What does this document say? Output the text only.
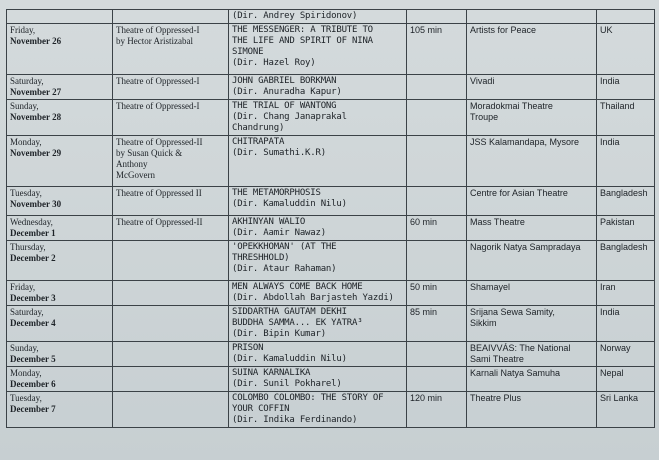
		(Dir. Andrey Spiridonov)			

Friday,
November 26	Theatre of Oppressed-I
by Hector Aristizabal	THE MESSENGER: A TRIBUTE TO
THE LIFE AND SPIRIT OF NINA
SIMONE
(Dir. Hazel Roy)	105 min	Artists for Peace	UK

Saturday,
November 27	Theatre of Oppressed-I	JOHN GABRIEL BORKMAN
(Dir. Anuradha Kapur)		Vivadi	India

Sunday,
November 28	Theatre of Oppressed-I	THE TRIAL OF WANTONG
(Dir. Chang Janaprakal Chandrung)		Moradokmai Theatre
Troupe	Thailand

Monday,
November 29	Theatre of Oppressed-II
by Susan Quick &
Anthony
McGovern	CHITRAPATA
(Dir. Sumathi.K.R)		JSS Kalamandapa, Mysore	India

Tuesday,
November 30	Theatre of Oppressed II	THE METAMORPHOSIS
(Dir. Kamaluddin Nilu)		Centre for Asian Theatre	Bangladesh

Wednesday,
December 1	Theatre of Oppressed-II	AKHINYAN WALIO
(Dir. Aamir Nawaz)	60 min	Mass Theatre	Pakistan

Thursday,
December 2		'OPEKKHOMAN' (AT THE
THRESHHOLD)
(Dir. Ataur Rahaman)		Nagorik Natya Sampradaya	Bangladesh

Friday,
December 3		MEN ALWAYS COME BACK HOME
(Dir. Abdollah Barjasteh Yazdi)	50 min	Shamayel	Iran

Saturday,
December 4		SIDDARTHA GAUTAM DEKHI
BUDDHA SAMMA... EK YATRA³
(Dir. Bipin Kumar)	85 min	Srijana Sewa Samity,
Sikkim	India

Sunday,
December 5		PRISON
(Dir. Kamaluddin Nilu)		BEAIVVÁS: The National
Sami Theatre	Norway

Monday,
December 6		SUINA KARNALIKA
(Dir. Sunil Pokharel)		Karnali Natya Samuha	Nepal

Tuesday,
December 7		COLOMBO COLOMBO: THE STORY OF
YOUR COFFIN
(Dir. Indika Ferdinando)	120 min	Theatre Plus	Sri Lanka
